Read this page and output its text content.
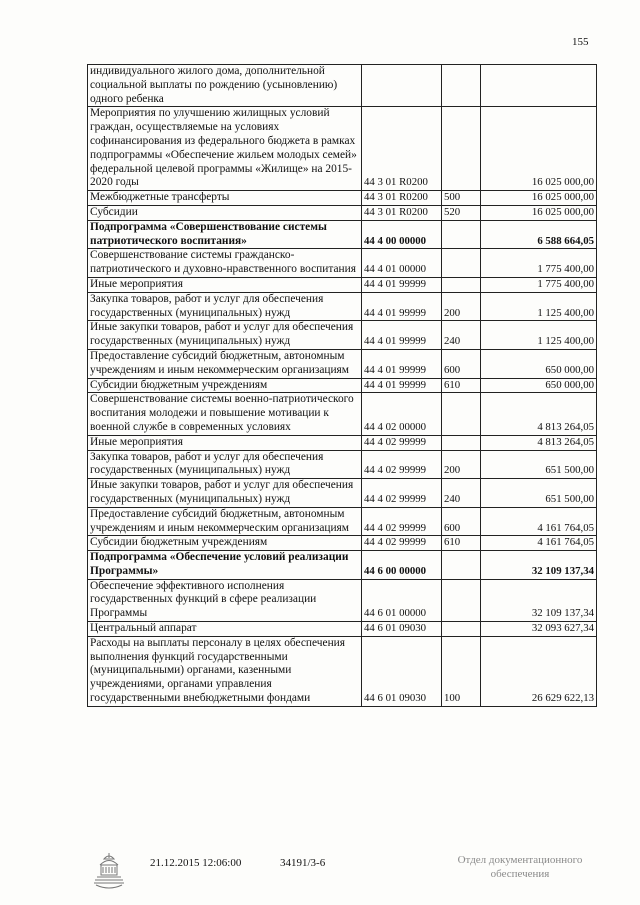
155
индивидуального жилого дома, дополнительной социальной выплаты по рождению (усыновлению) одного ребенка			
Мероприятия по улучшению жилищных условий граждан, осуществляемые на условиях софинансирования из федерального бюджета в рамках подпрограммы «Обеспечение жильем молодых семей» федеральной целевой программы «Жилище» на 2015-2020 годы	44 3 01 R0200		16 025 000,00
Межбюджетные трансферты	44 3 01 R0200	500	16 025 000,00
Субсидии	44 3 01 R0200	520	16 025 000,00
Подпрограмма «Совершенствование системы патриотического воспитания»	44 4 00 00000		6 588 664,05
Совершенствование системы гражданско-патриотического и духовно-нравственного воспитания	44 4 01 00000		1 775 400,00
Иные мероприятия	44 4 01 99999		1 775 400,00
Закупка товаров, работ и услуг для обеспечения государственных (муниципальных) нужд	44 4 01 99999	200	1 125 400,00
Иные закупки товаров, работ и услуг для обеспечения государственных (муниципальных) нужд	44 4 01 99999	240	1 125 400,00
Предоставление субсидий бюджетным, автономным учреждениям и иным некоммерческим организациям	44 4 01 99999	600	650 000,00
Субсидии бюджетным учреждениям	44 4 01 99999	610	650 000,00
Совершенствование системы военно-патриотического воспитания молодежи и повышение мотивации к военной службе в современных условиях	44 4 02 00000		4 813 264,05
Иные мероприятия	44 4 02 99999		4 813 264,05
Закупка товаров, работ и услуг для обеспечения государственных (муниципальных) нужд	44 4 02 99999	200	651 500,00
Иные закупки товаров, работ и услуг для обеспечения государственных (муниципальных) нужд	44 4 02 99999	240	651 500,00
Предоставление субсидий бюджетным, автономным учреждениям и иным некоммерческим организациям	44 4 02 99999	600	4 161 764,05
Субсидии бюджетным учреждениям	44 4 02 99999	610	4 161 764,05
Подпрограмма «Обеспечение условий реализации Программы»	44 6 00 00000		32 109 137,34
Обеспечение эффективного исполнения государственных функций в сфере реализации Программы	44 6 01 00000		32 109 137,34
Центральный аппарат	44 6 01 09030		32 093 627,34
Расходы на выплаты персоналу в целях обеспечения выполнения функций государственными (муниципальными) органами, казенными учреждениями, органами управления государственными внебюджетными фондами	44 6 01 09030	100	26 629 622,13
21.12.2015 12:06:00	34191/3-6	Отдел документационного
обеспечения
